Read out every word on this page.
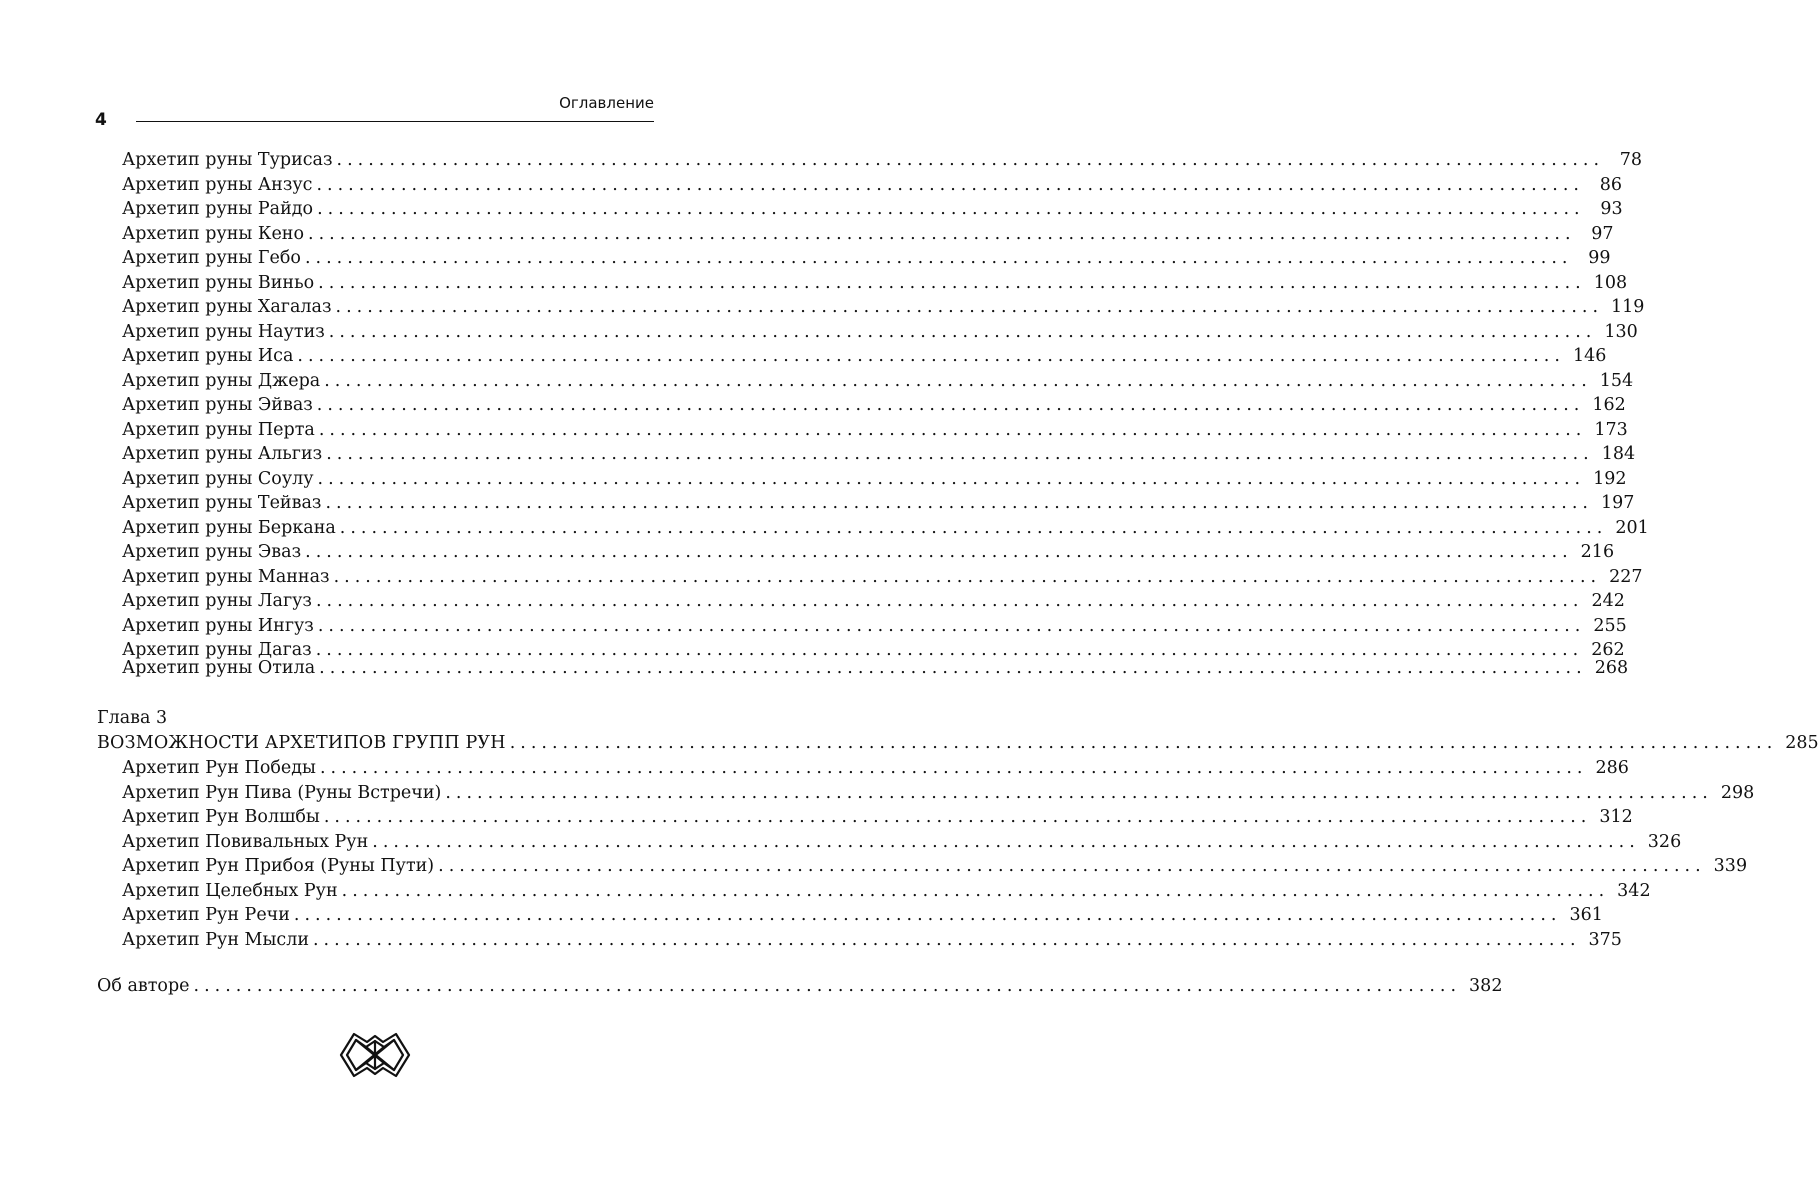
Оглавление
4
Архетип руны Турисаз ........................................................................................................................ 78
Архетип руны Анзус ........................................................................................................................ 86
Архетип руны Райдо ........................................................................................................................ 93
Архетип руны Кено ........................................................................................................................ 97
Архетип руны Гебо ........................................................................................................................ 99
Архетип руны Виньо ........................................................................................................................ 108
Архетип руны Хагалаз ........................................................................................................................ 119
Архетип руны Наутиз ........................................................................................................................ 130
Архетип руны Иса ........................................................................................................................ 146
Архетип руны Джера ........................................................................................................................ 154
Архетип руны Эйваз ........................................................................................................................ 162
Архетип руны Перта ........................................................................................................................ 173
Архетип руны Альгиз ........................................................................................................................ 184
Архетип руны Соулу ........................................................................................................................ 192
Архетип руны Тейваз ........................................................................................................................ 197
Архетип руны Беркана ........................................................................................................................ 201
Архетип руны Эваз ........................................................................................................................ 216
Архетип руны Манназ ........................................................................................................................ 227
Архетип руны Лагуз ........................................................................................................................ 242
Архетип руны Ингуз ........................................................................................................................ 255
Архетип руны Дагаз ........................................................................................................................ 262
Архетип руны Отила ........................................................................................................................ 268
Глава 3
ВОЗМОЖНОСТИ АРХЕТИПОВ ГРУПП РУН ........................................................................................................................ 285
Архетип Рун Победы ........................................................................................................................ 286
Архетип Рун Пива (Руны Встречи) ........................................................................................................................ 298
Архетип Рун Волшбы ........................................................................................................................ 312
Архетип Повивальных Рун ........................................................................................................................ 326
Архетип Рун Прибоя (Руны Пути) ........................................................................................................................ 339
Архетип Целебных Рун ........................................................................................................................ 342
Архетип Рун Речи ........................................................................................................................ 361
Архетип Рун Мысли ........................................................................................................................ 375
Об авторе ........................................................................................................................ 382
